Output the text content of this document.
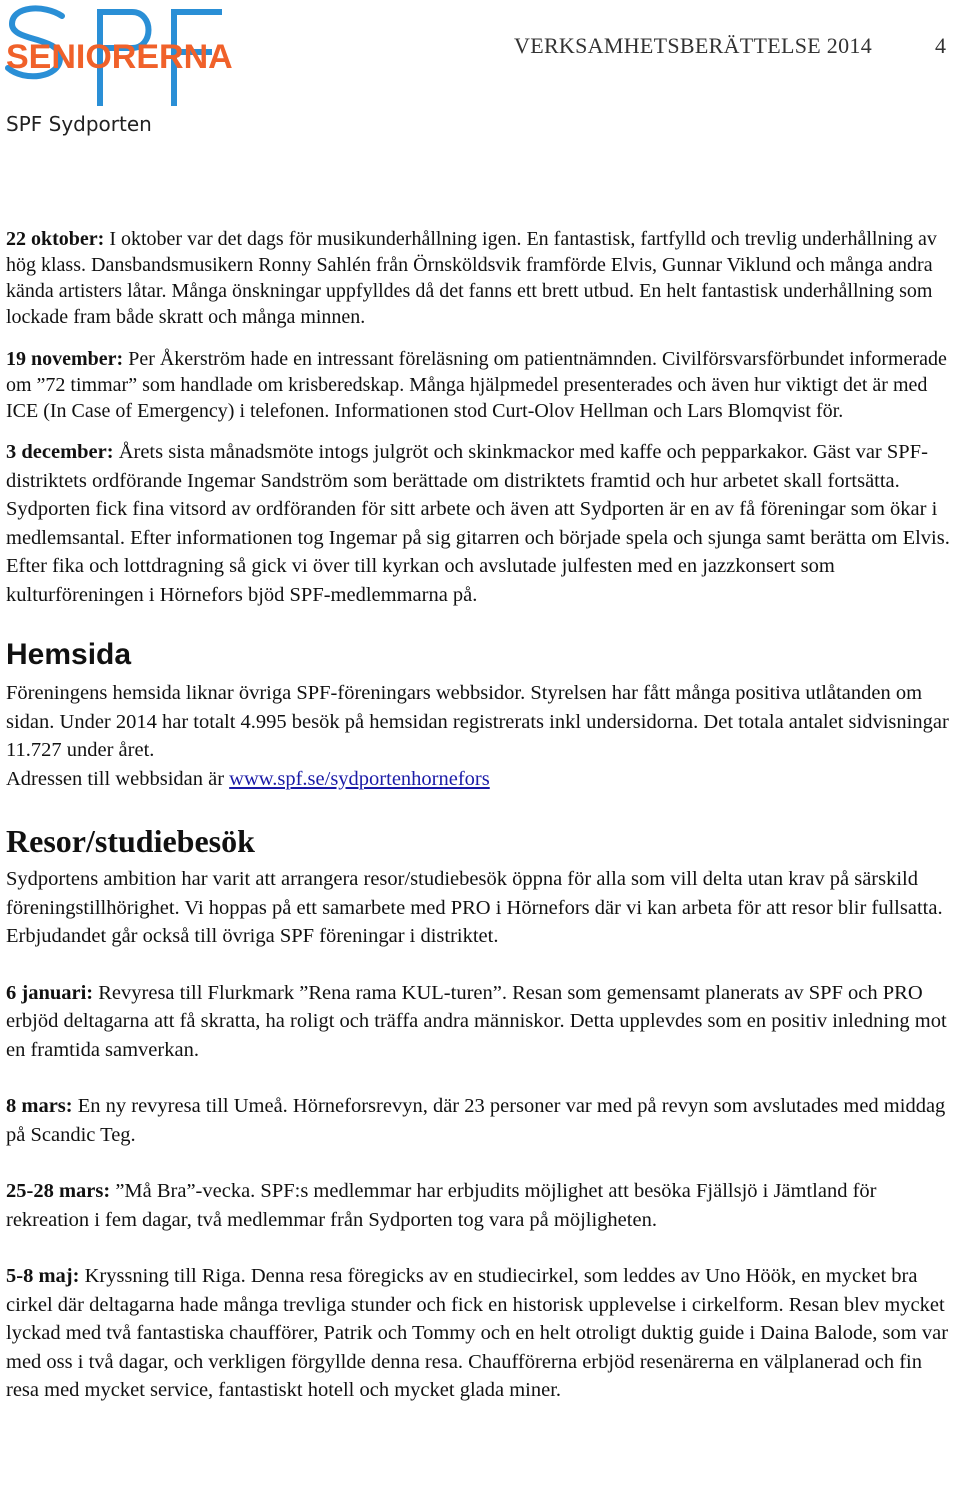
SENIORERNA
SPF Sydporten
VERKSAMHETSBERÄTTELSE 2014	4

22 oktober: I oktober var det dags för musikunderhållning igen. En fantastisk, fartfylld och trevlig underhållning av hög klass. Dansbandsmusikern Ronny Sahlén från Örnsköldsvik framförde Elvis, Gunnar Viklund och många andra kända artisters låtar. Många önskningar uppfylldes då det fanns ett brett utbud. En helt fantastisk underhållning som lockade fram både skratt och många minnen.

19 november: Per Åkerström hade en intressant föreläsning om patientnämnden. Civilförsvarsförbundet informerade om ”72 timmar” som handlade om krisberedskap. Många hjälpmedel presenterades och även hur viktigt det är med ICE (In Case of Emergency) i telefonen. Informationen stod Curt-Olov Hellman och Lars Blomqvist för.

3 december: Årets sista månadsmöte intogs julgröt och skinkmackor med kaffe och pepparkakor. Gäst var SPF-distriktets ordförande Ingemar Sandström som berättade om distriktets framtid och hur arbetet skall fortsätta. Sydporten fick fina vitsord av ordföranden för sitt arbete och även att Sydporten är en av få föreningar som ökar i medlemsantal. Efter informationen tog Ingemar på sig gitarren och började spela och sjunga samt berätta om Elvis. Efter fika och lottdragning så gick vi över till kyrkan och avslutade julfesten med en jazzkonsert som kulturföreningen i Hörnefors bjöd SPF-medlemmarna på.

Hemsida

Föreningens hemsida liknar övriga SPF-föreningars webbsidor. Styrelsen har fått många positiva utlåtanden om sidan. Under 2014 har totalt 4.995 besök på hemsidan registrerats inkl undersidorna. Det totala antalet sidvisningar 11.727 under året.

Adressen till webbsidan är www.spf.se/sydportenhornefors

Resor/studiebesök

Sydportens ambition har varit att arrangera resor/studiebesök öppna för alla som vill delta utan krav på särskild föreningstillhörighet. Vi hoppas på ett samarbete med PRO i Hörnefors där vi kan arbeta för att resor blir fullsatta. Erbjudandet går också till övriga SPF föreningar i distriktet.

6 januari: Revyresa till Flurkmark ”Rena rama KUL-turen”. Resan som gemensamt planerats av SPF och PRO erbjöd deltagarna att få skratta, ha roligt och träffa andra människor. Detta upplevdes som en positiv inledning mot en framtida samverkan.

8 mars: En ny revyresa till Umeå. Hörneforsrevyn, där 23 personer var med på revyn som avslutades med middag på Scandic Teg.

25-28 mars: ”Må Bra”-vecka. SPF:s medlemmar har erbjudits möjlighet att besöka Fjällsjö i Jämtland för rekreation i fem dagar, två medlemmar från Sydporten tog vara på möjligheten.

5-8 maj: Kryssning till Riga. Denna resa föregicks av en studiecirkel, som leddes av Uno Höök, en mycket bra cirkel där deltagarna hade många trevliga stunder och fick en historisk upplevelse i cirkelform. Resan blev mycket lyckad med två fantastiska chaufförer, Patrik och Tommy och en helt otroligt duktig guide i Daina Balode, som var med oss i två dagar, och verkligen förgyllde denna resa. Chaufförerna erbjöd resenärerna en välplanerad och fin resa med mycket service, fantastiskt hotell och mycket glada miner.
